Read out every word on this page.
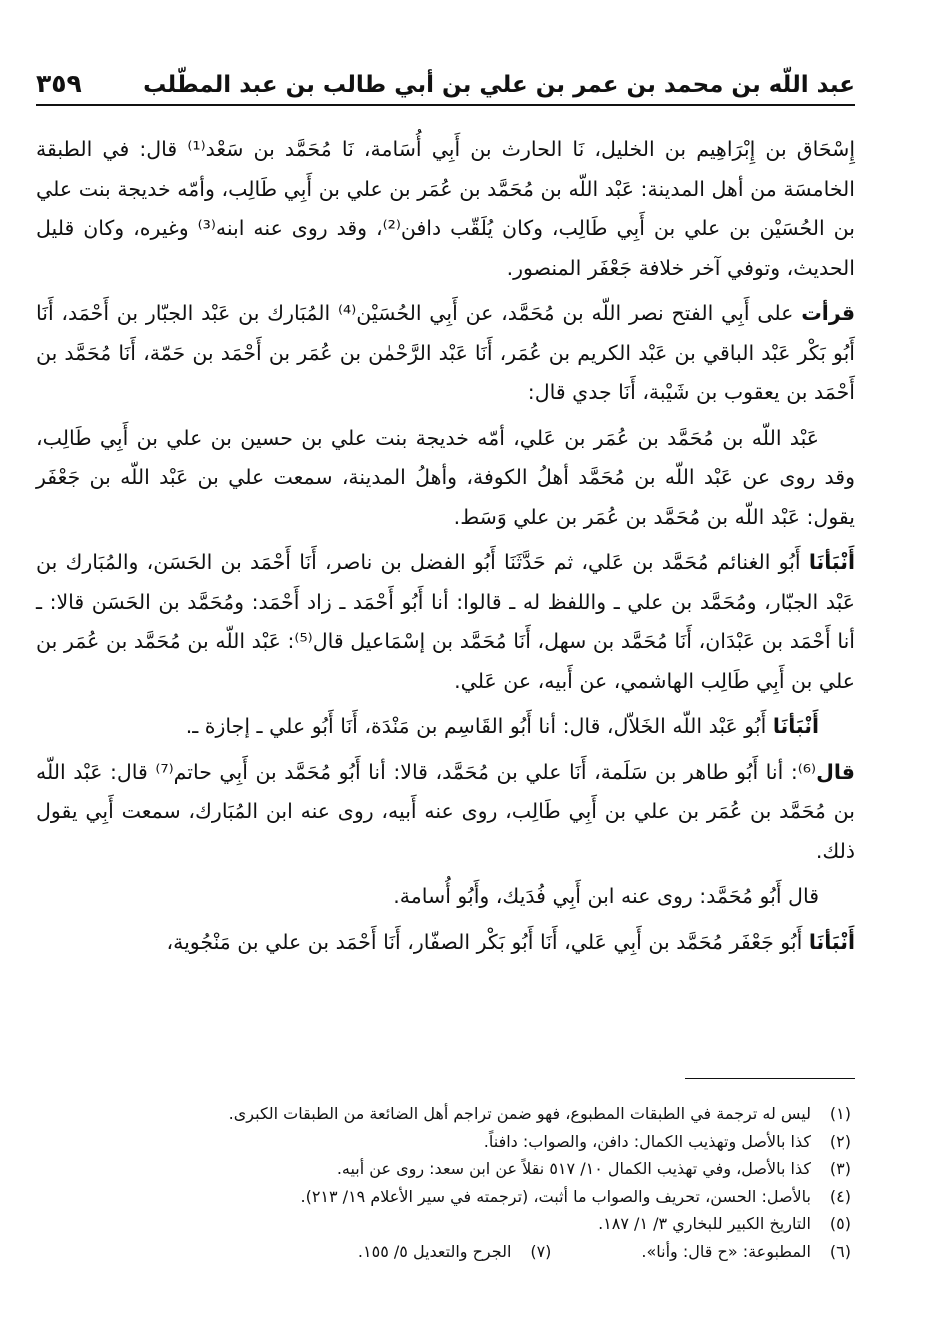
عبد اللّه بن محمد بن عمر بن علي بن أبي طالب بن عبد المطّلب
٣٥٩

إِسْحَاق بن إِبْرَاهِيم بن الخليل، نَا الحارث بن أَبِي أُسَامة، نَا مُحَمَّد بن سَعْد⁽¹⁾ قال: في الطبقة الخامسَة من أهل المدينة: عَبْد اللّه بن مُحَمَّد بن عُمَر بن علي بن أَبِي طَالِب، وأمّه خديجة بنت علي بن الحُسَيْن بن علي بن أَبِي طَالِب، وكان يُلَقّب دافن⁽²⁾، وقد روى عنه ابنه⁽³⁾ وغيره، وكان قليل الحديث، وتوفي آخر خلافة جَعْفَر المنصور.

قرأت على أَبِي الفتح نصر اللّه بن مُحَمَّد، عن أَبِي الحُسَيْن⁽⁴⁾ المُبَارك بن عَبْد الجبّار بن أَحْمَد، أَنَا أَبُو بَكْر عَبْد الباقي بن عَبْد الكريم بن عُمَر، أَنَا عَبْد الرَّحْمٰن بن عُمَر بن أَحْمَد بن حَمّة، أَنَا مُحَمَّد بن أَحْمَد بن يعقوب بن شَيْبة، أَنَا جدي قال:

عَبْد اللّه بن مُحَمَّد بن عُمَر بن عَلي، أمّه خديجة بنت علي بن حسين بن علي بن أَبِي طَالِب، وقد روى عن عَبْد اللّه بن مُحَمَّد أهلُ الكوفة، وأهلُ المدينة، سمعت علي بن عَبْد اللّه بن جَعْفَر يقول: عَبْد اللّه بن مُحَمَّد بن عُمَر بن علي وَسَط.

أَنْبَأنَا أَبُو الغنائم مُحَمَّد بن عَلي، ثم حَدَّثَنَا أَبُو الفضل بن ناصر، أَنَا أَحْمَد بن الحَسَن، والمُبَارك بن عَبْد الجبّار، ومُحَمَّد بن علي ـ واللفظ له ـ قالوا: أنا أَبُو أَحْمَد ـ زاد أَحْمَد: ومُحَمَّد بن الحَسَن قالا: ـ أنا أَحْمَد بن عَبْدَان، أَنَا مُحَمَّد بن سهل، أَنَا مُحَمَّد بن إسْمَاعيل قال⁽⁵⁾: عَبْد اللّه بن مُحَمَّد بن عُمَر بن علي بن أَبِي طَالِب الهاشمي، عن أَبيه، عن عَلي.

أَنْبَأنَا أَبُو عَبْد اللّه الخَلاّل، قال: أنا أَبُو القَاسِم بن مَنْدَة، أَنَا أَبُو علي ـ إجازة ـ.

قال⁽⁶⁾: أنا أَبُو طاهر بن سَلَمة، أَنَا علي بن مُحَمَّد، قالا: أنا أَبُو مُحَمَّد بن أَبِي حاتم⁽⁷⁾ قال: عَبْد اللّه بن مُحَمَّد بن عُمَر بن علي بن أَبِي طَالِب، روى عنه أَبيه، روى عنه ابن المُبَارك، سمعت أَبِي يقول ذلك.

قال أَبُو مُحَمَّد: روى عنه ابن أَبِي فُدَيك، وأَبُو أُسامة.

أَنْبَأنَا أَبُو جَعْفَر مُحَمَّد بن أَبِي عَلي، أَنَا أَبُو بَكْر الصفّار، أَنَا أَحْمَد بن علي بن مَنْجُوية،

(١)
ليس له ترجمة في الطبقات المطبوع، فهو ضمن تراجم أهل الضائعة من الطبقات الكبرى.
(٢)
كذا بالأصل وتهذيب الكمال: دافن، والصواب: دافناً.
(٣)
كذا بالأصل، وفي تهذيب الكمال ١٠/ ٥١٧ نقلاً عن ابن سعد: روى عن أبيه.
(٤)
بالأصل: الحسن، تحريف والصواب ما أثبت، (ترجمته في سير الأعلام ١٩/ ٢١٣).
(٥)
التاريخ الكبير للبخاري ٣/ ١/ ١٨٧.
(٦)
المطبوعة: «ح قال: وأنا».
(٧)
الجرح والتعديل ٥/ ١٥٥.
